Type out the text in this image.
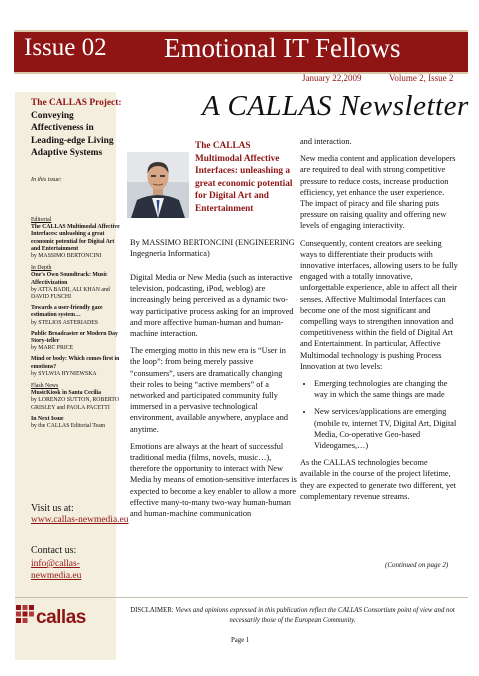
Issue 02 Emotional IT Fellows
January 22,2009	Volume 2, Issue 2
A CALLAS Newsletter
The CALLAS Project:
Conveying
Affectiveness in
Leading-edge Living
Adaptive Systems
In this issue:
Editorial
The CALLAS Multimodal Affective Interfaces: unleashing a great economic potential for Digital Art and Entertainment
by MASSIMO BERTONCINI
In Depth
One's Own Soundtrack: Music Affectivization
by ATTA BADII, ALI KHAN and DAVID FUSCHI
Towards a user-friendly gaze estimation system…
by STELIOS ASTERIADES
Public Broadcaster or Modern Day Story-teller
by MARC PRICE
Mind or body: Which comes first in emotions?
by SYLWIA HYNIEWSKA
Flash News
MusicKiosk in Santa Cecilia
by LORENZO SUTTON, ROBERTO GRISLEY and PAOLA PACETTI
In Next Issue
by the CALLAS Editorial Team
Visit us at:
www.callas-newmedia.eu
Contact us:
info@callas-newmedia.eu
The CALLAS Multimodal Affective Interfaces: unleashing a great economic potential for Digital Art and Entertainment
By MASSIMO BERTONCINI (ENGINEERING Ingegneria Informatica)

Digital Media or New Media (such as interactive television, podcasting, iPod, weblog) are increasingly being perceived as a dynamic two-way participative process asking for an improved and more affective human-human and human-machine interaction.

The emerging motto in this new era is “User in the loop”: from being merely passive “consumers”, users are dramatically changing their roles to being “active members” of a networked and participated community fully immersed in a pervasive technological environment, available anywhere, anyplace and anytime.

Emotions are always at the heart of successful traditional media (films, novels, music…), therefore the opportunity to interact with New Media by means of emotion-sensitive interfaces is expected to become a key enabler to allow a more effective many-to-many two-way human-human and human-machine communication

and interaction.

New media content and application developers are required to deal with strong competitive pressure to reduce costs, increase production efficiency, yet enhance the user experience. The impact of piracy and file sharing puts pressure on raising quality and offering new levels of engaging interactivity.

Consequently, content creators are seeking ways to differentiate their products with innovative interfaces, allowing users to be fully engaged with a totally innovative, unforgettable experience, able to affect all their senses. Affective Multimodal Interfaces can become one of the most significant and compelling ways to strengthen innovation and competitiveness within the field of Digital Art and Entertainment. In particular, Affective Multimodal technology is pushing Process Innovation at two levels:

• Emerging technologies are changing the way in which the same things are made
• New services/applications are emerging (mobile tv, internet TV, Digital Art, Digital Media, Co-operative Geo-based Videogames,…)

As the CALLAS technologies become available in the course of the project lifetime, they are expected to generate two different, yet complementary revenue streams.

(Continued on page 2)
callas	DISCLAIMER: Views and opinions expressed in this publication reflect the CALLAS Consortium point of view and not necessarily those of the European Community.
Page 1
